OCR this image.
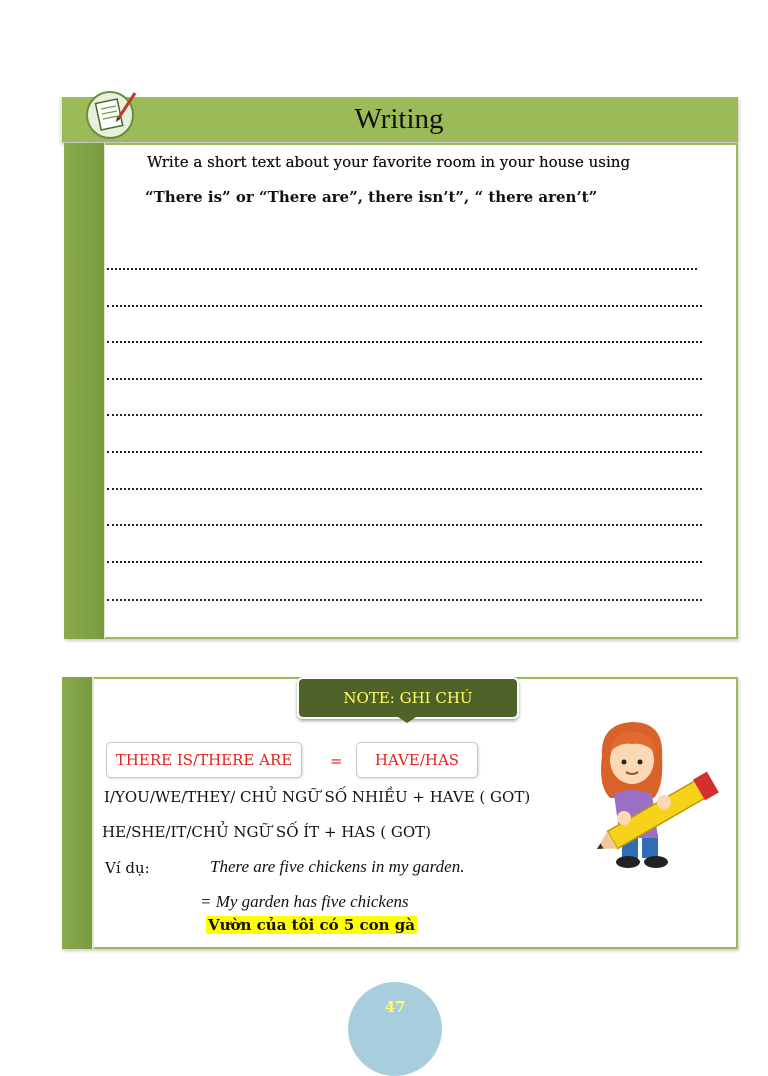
Writing
Write a short text about your favorite room in your house using
“There is” or “There are”, there isn’t”, “ there aren’t”
NOTE: GHI CHÚ
THERE IS/THERE ARE	=	HAVE/HAS
I/YOU/WE/THEY/ CHỦ NGỮ SỐ NHIỀU + HAVE ( GOT)
HE/SHE/IT/CHỦ NGỮ SỐ ÍT + HAS ( GOT)
Ví dụ:	There are five chickens in my garden.
= My garden has five chickens
Vườn của tôi có 5 con gà
47
